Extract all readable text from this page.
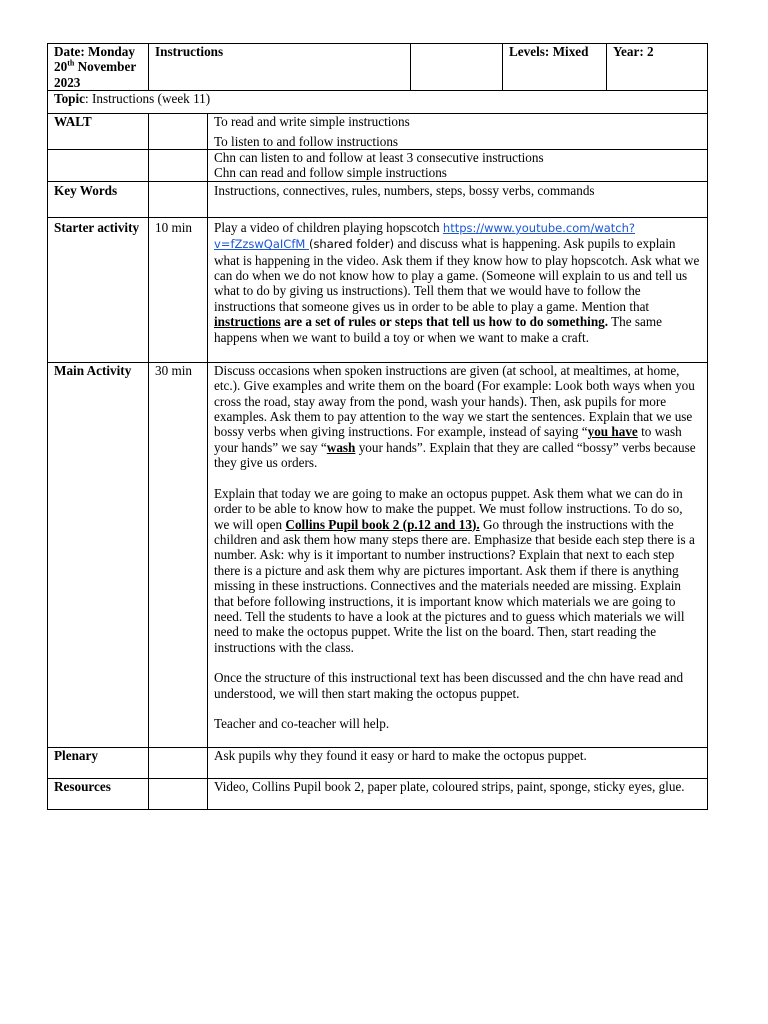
Date: Monday
20th November 2023	Instructions			Levels: Mixed	Year: 2
Topic: Instructions (week 11)					
WALT		To read and write simple instructions

To listen to and follow instructions			

		Chn can listen to and follow at least 3 consecutive instructions
Chn can read and follow simple instructions			
Key Words		Instructions, connectives, rules, numbers, steps, bossy verbs, commands			
Starter activity	10 min	Play a video of children playing hopscotch https://www.youtube.com/watch?v=fZzswQaICfM (shared folder) and discuss what is happening. Ask pupils to explain what is happening in the video. Ask them if they know how to play hopscotch. Ask what we can do when we do not know how to play a game. (Someone will explain to us and tell us what to do by giving us instructions). Tell them that we would have to follow the instructions that someone gives us in order to be able to play a game. Mention that instructions are a set of rules or steps that tell us how to do something. The same happens when we want to build a toy or when we want to make a craft.			
Main Activity	30 min	Discuss occasions when spoken instructions are given (at school, at mealtimes, at home, etc.). Give examples and write them on the board (For example: Look both ways when you cross the road, stay away from the pond, wash your hands). Then, ask pupils for more examples. Ask them to pay attention to the way we start the sentences. Explain that we use bossy verbs when giving instructions. For example, instead of saying “you have to wash your hands” we say “wash your hands”. Explain that they are called “bossy” verbs because they give us orders.

Explain that today we are going to make an octopus puppet. Ask them what we can do in order to be able to know how to make the puppet. We must follow instructions. To do so, we will open Collins Pupil book 2 (p.12 and 13). Go through the instructions with the children and ask them how many steps there are. Emphasize that beside each step there is a number. Ask: why is it important to number instructions? Explain that next to each step there is a picture and ask them why are pictures important. Ask them if there is anything missing in these instructions. Connectives and the materials needed are missing. Explain that before following instructions, it is important know which materials we are going to need. Tell the students to have a look at the pictures and to guess which materials we will need to make the octopus puppet. Write the list on the board. Then, start reading the instructions with the class.

Once the structure of this instructional text has been discussed and the chn have read and understood, we will then start making the octopus puppet.

Teacher and co-teacher will help.			

Plenary		Ask pupils why they found it easy or hard to make the octopus puppet.			
Resources		Video, Collins Pupil book 2, paper plate, coloured strips, paint, sponge, sticky eyes, glue.			
